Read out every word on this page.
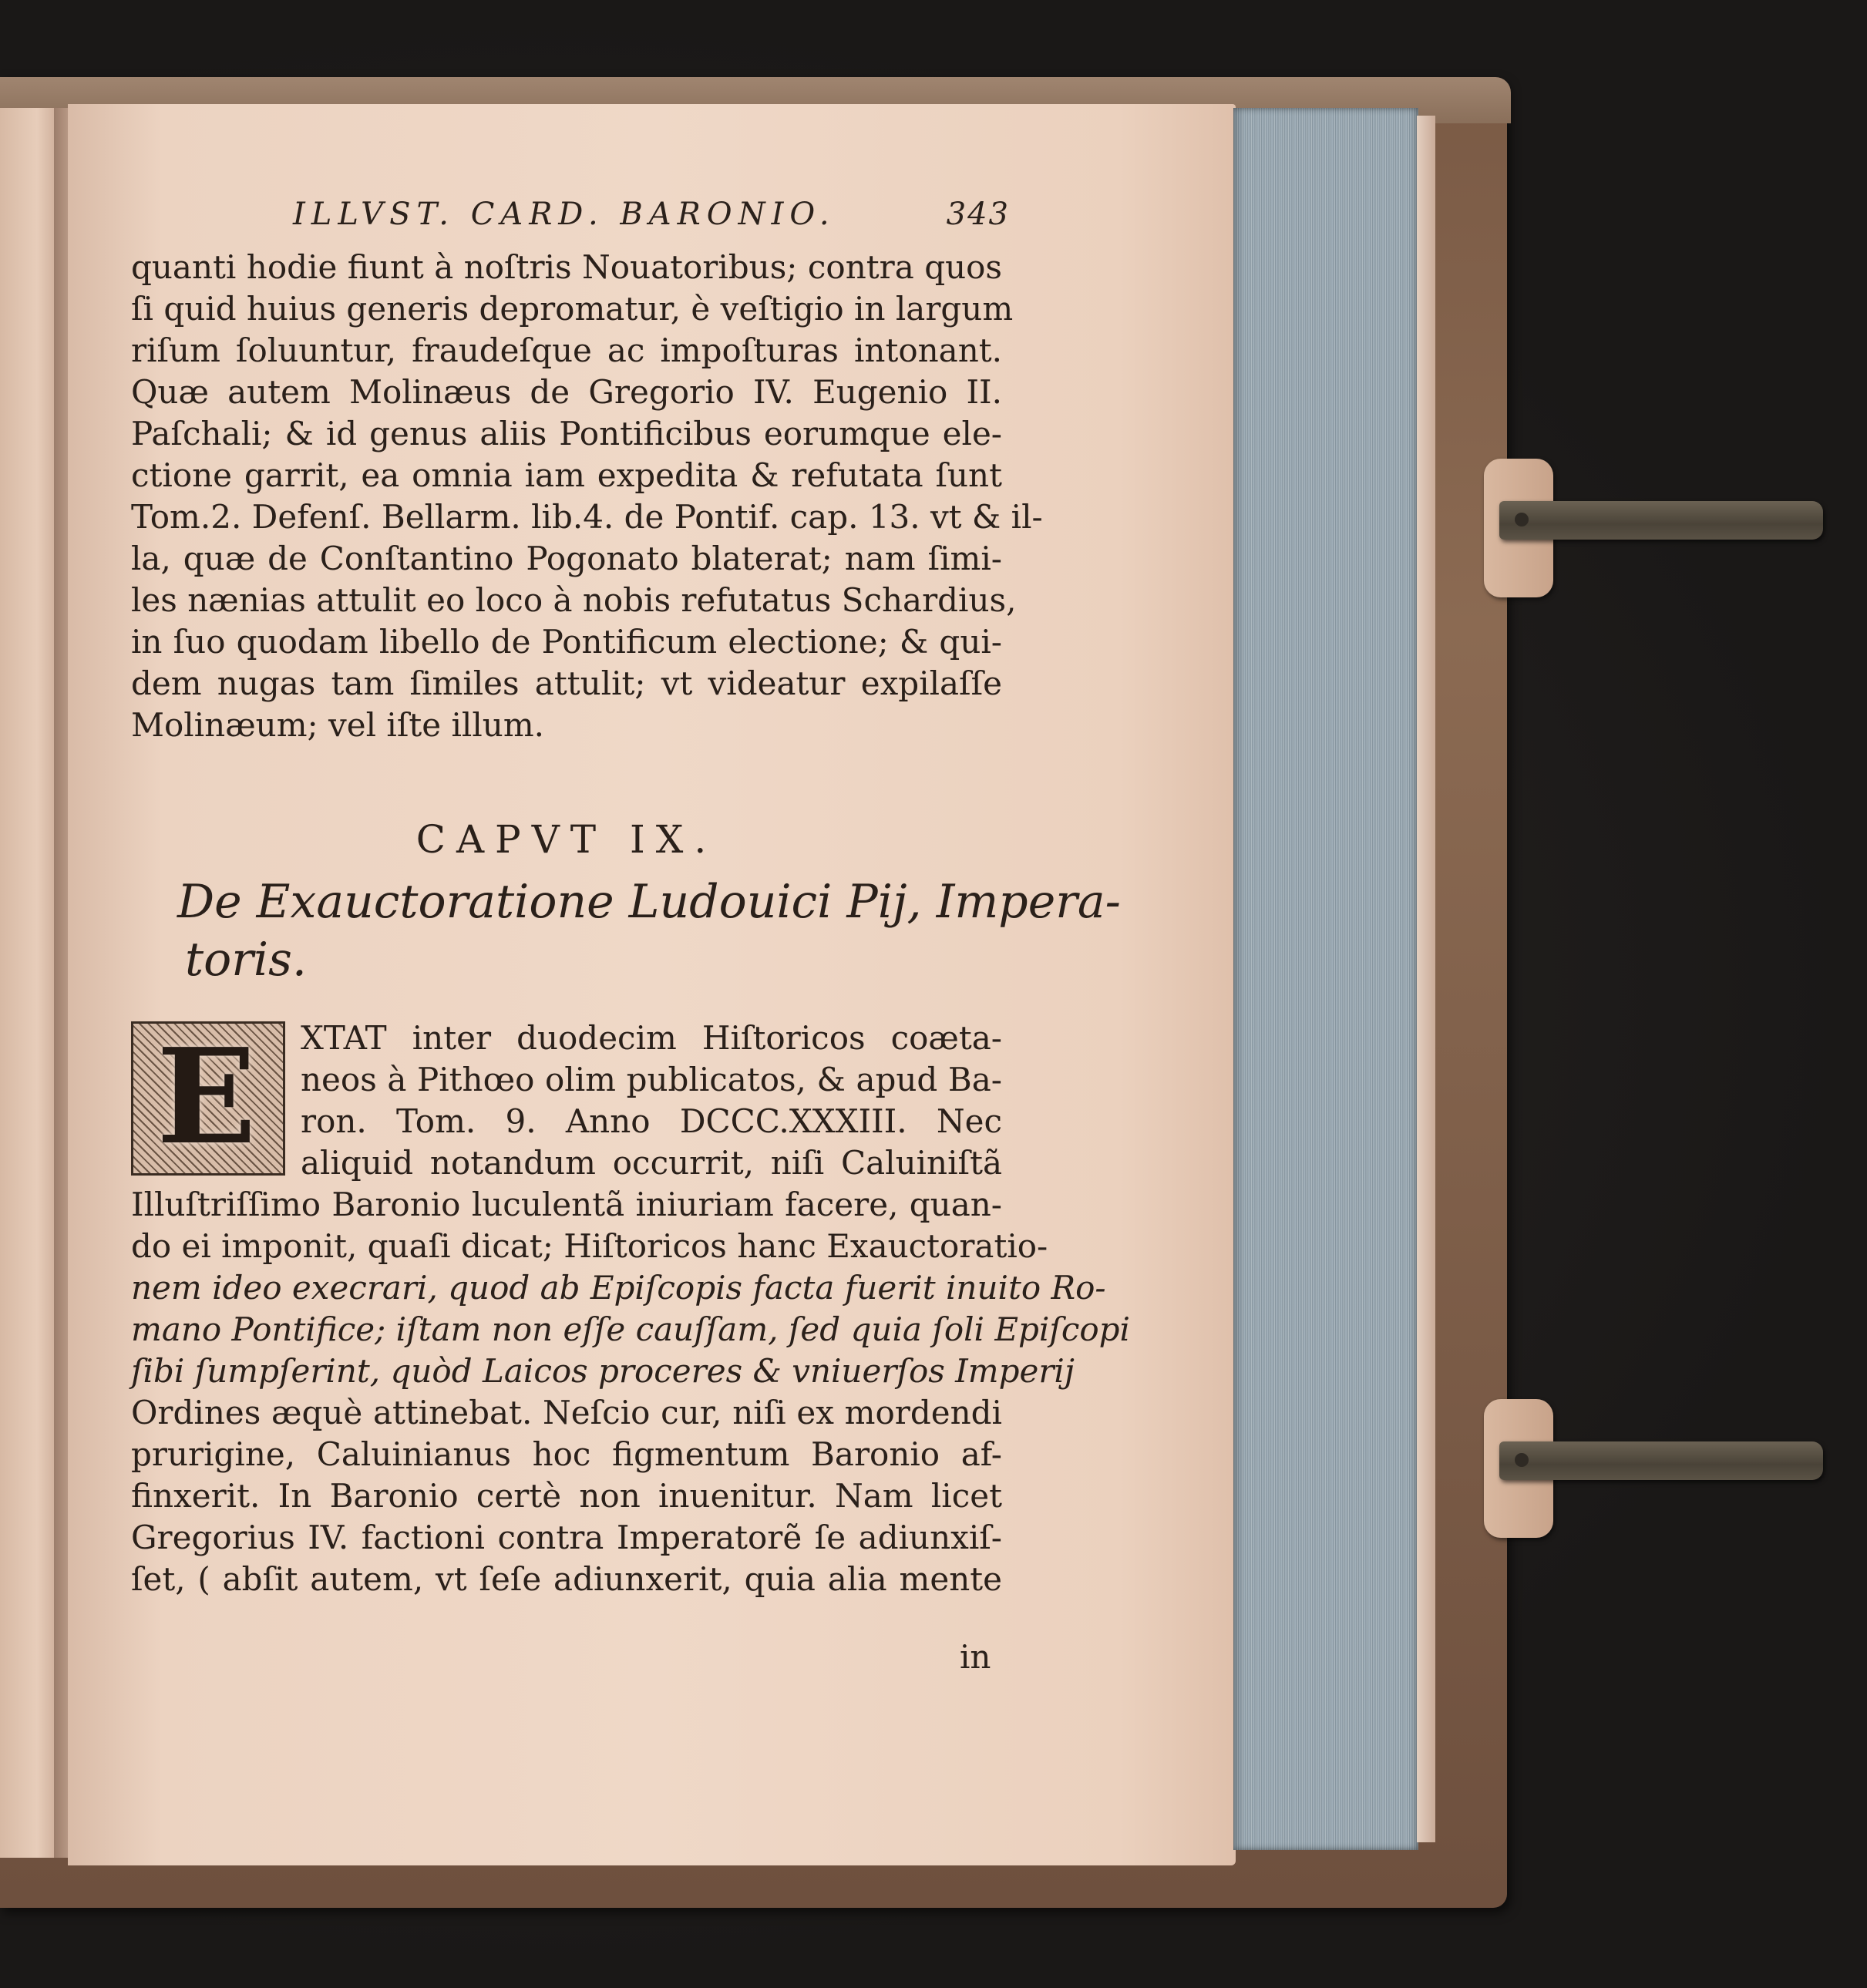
ILLVST. CARD. BARONIO.	343
quanti hodie fiunt à noſtris Nouatoribus; contra quos
ſi quid huius generis depromatur, è veſtigio in largum
riſum ſoluuntur, fraudeſque ac impoſturas intonant.
Quæ autem Molinæus de Gregorio IV. Eugenio II.
Paſchali; & id genus aliis Pontificibus eorumque ele-
ctione garrit, ea omnia iam expedita & refutata ſunt
Tom.2. Defenſ. Bellarm. lib.4. de Pontif. cap. 13. vt & il-
la, quæ de Conſtantino Pogonato blaterat; nam ſimi-
les nænias attulit eo loco à nobis refutatus Schardius,
in ſuo quodam libello de Pontificum electione; & qui-
dem nugas tam ſimiles attulit; vt videatur expilaſſe
Molinæum; vel iſte illum.
CAPVT IX.
De Exauctoratione Ludouici Pij, Impera-
toris.
E XTAT inter duodecim Hiſtoricos coæta-
neos à Pithœo olim publicatos, & apud Ba-
ron. Tom. 9. Anno DCCC.XXXIII. Nec
aliquid notandum occurrit, niſi Caluiniſtã
Illuſtriſſimo Baronio luculentã iniuriam facere, quan-
do ei imponit, quaſi dicat; Hiſtoricos hanc Exauctoratio-
nem ideo execrari, quod ab Epiſcopis facta fuerit inuito Ro-
mano Pontifice; iſtam non eſſe cauſſam, ſed quia ſoli Epiſcopi
ſibi ſumpſerint, quòd Laicos proceres & vniuerſos Imperij
Ordines æquè attinebat. Neſcio cur, niſi ex mordendi
prurigine, Caluinianus hoc figmentum Baronio af-
finxerit. In Baronio certè non inuenitur. Nam licet
Gregorius IV. factioni contra Imperatorẽ ſe adiunxiſ-
ſet, ( abſit autem, vt ſeſe adiunxerit, quia alia mente
in
